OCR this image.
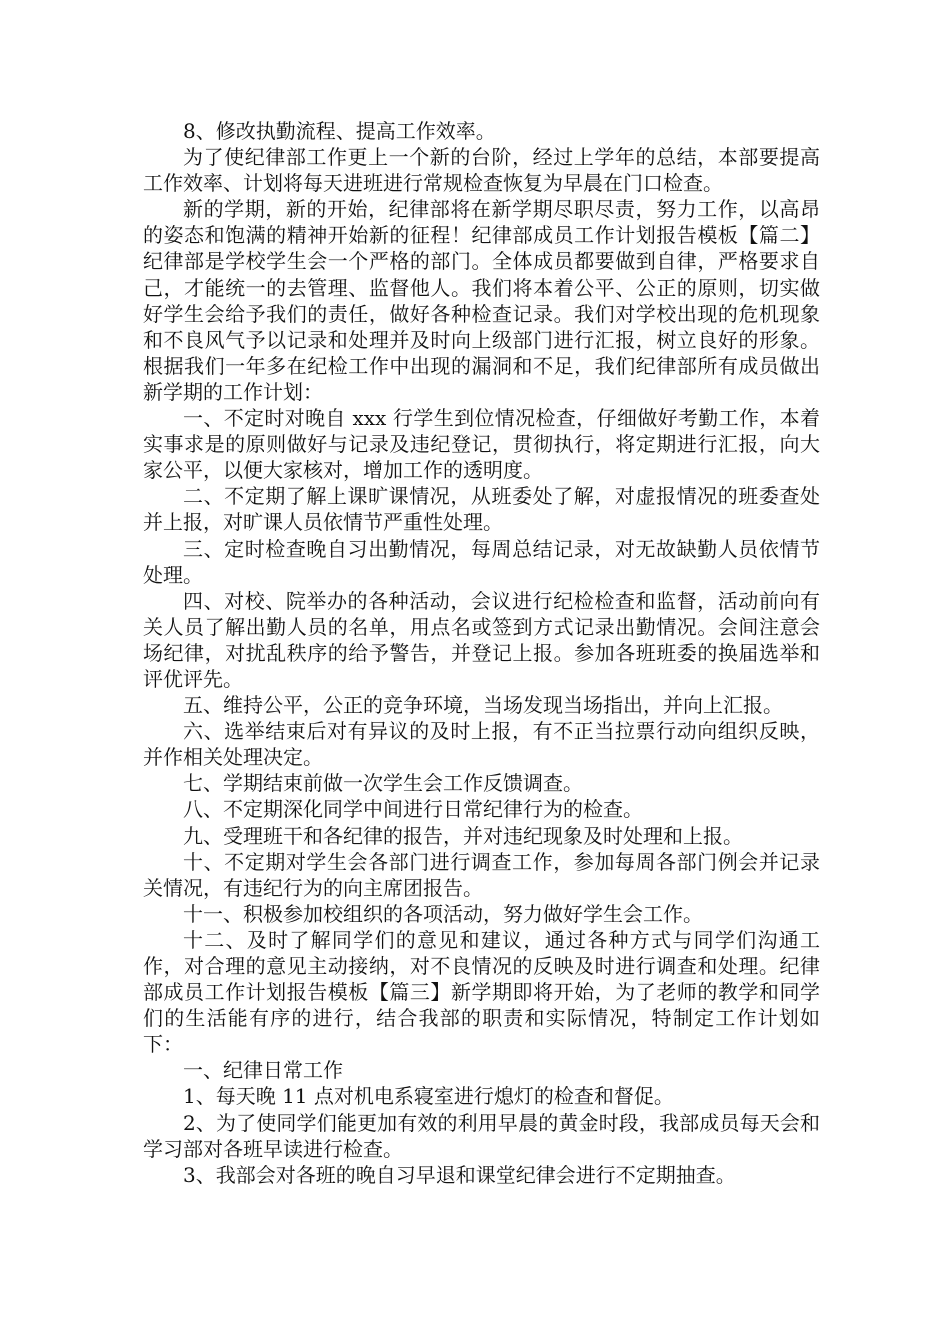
8、修改执勤流程、提高工作效率。

为了使纪律部工作更上一个新的台阶，经过上学年的总结，本部要提高工作效率、计划将每天进班进行常规检查恢复为早晨在门口检查。

新的学期，新的开始，纪律部将在新学期尽职尽责，努力工作，以高昂的姿态和饱满的精神开始新的征程！纪律部成员工作计划报告模板【篇二】纪律部是学校学生会一个严格的部门。全体成员都要做到自律，严格要求自己，才能统一的去管理、监督他人。我们将本着公平、公正的原则，切实做好学生会给予我们的责任，做好各种检查记录。我们对学校出现的危机现象和不良风气予以记录和处理并及时向上级部门进行汇报，树立良好的形象。根据我们一年多在纪检工作中出现的漏洞和不足，我们纪律部所有成员做出新学期的工作计划：

一、不定时对晚自 xxx 行学生到位情况检查，仔细做好考勤工作，本着实事求是的原则做好与记录及违纪登记，贯彻执行，将定期进行汇报，向大家公平，以便大家核对，增加工作的透明度。

二、不定期了解上课旷课情况，从班委处了解，对虚报情况的班委查处并上报，对旷课人员依情节严重性处理。

三、定时检查晚自习出勤情况，每周总结记录，对无故缺勤人员依情节处理。

四、对校、院举办的各种活动，会议进行纪检检查和监督，活动前向有关人员了解出勤人员的名单，用点名或签到方式记录出勤情况。会间注意会场纪律，对扰乱秩序的给予警告，并登记上报。参加各班班委的换届选举和评优评先。

五、维持公平，公正的竞争环境，当场发现当场指出，并向上汇报。

六、选举结束后对有异议的及时上报，有不正当拉票行动向组织反映，并作相关处理决定。

七、学期结束前做一次学生会工作反馈调查。

八、不定期深化同学中间进行日常纪律行为的检查。

九、受理班干和各纪律的报告，并对违纪现象及时处理和上报。

十、不定期对学生会各部门进行调查工作，参加每周各部门例会并记录关情况，有违纪行为的向主席团报告。

十一、积极参加校组织的各项活动，努力做好学生会工作。

十二、及时了解同学们的意见和建议，通过各种方式与同学们沟通工作，对合理的意见主动接纳，对不良情况的反映及时进行调查和处理。纪律部成员工作计划报告模板【篇三】新学期即将开始，为了老师的教学和同学们的生活能有序的进行，结合我部的职责和实际情况，特制定工作计划如下：

一、纪律日常工作

1、每天晚 11 点对机电系寝室进行熄灯的检查和督促。

2、为了使同学们能更加有效的利用早晨的黄金时段，我部成员每天会和学习部对各班早读进行检查。

3、我部会对各班的晚自习早退和课堂纪律会进行不定期抽查。
